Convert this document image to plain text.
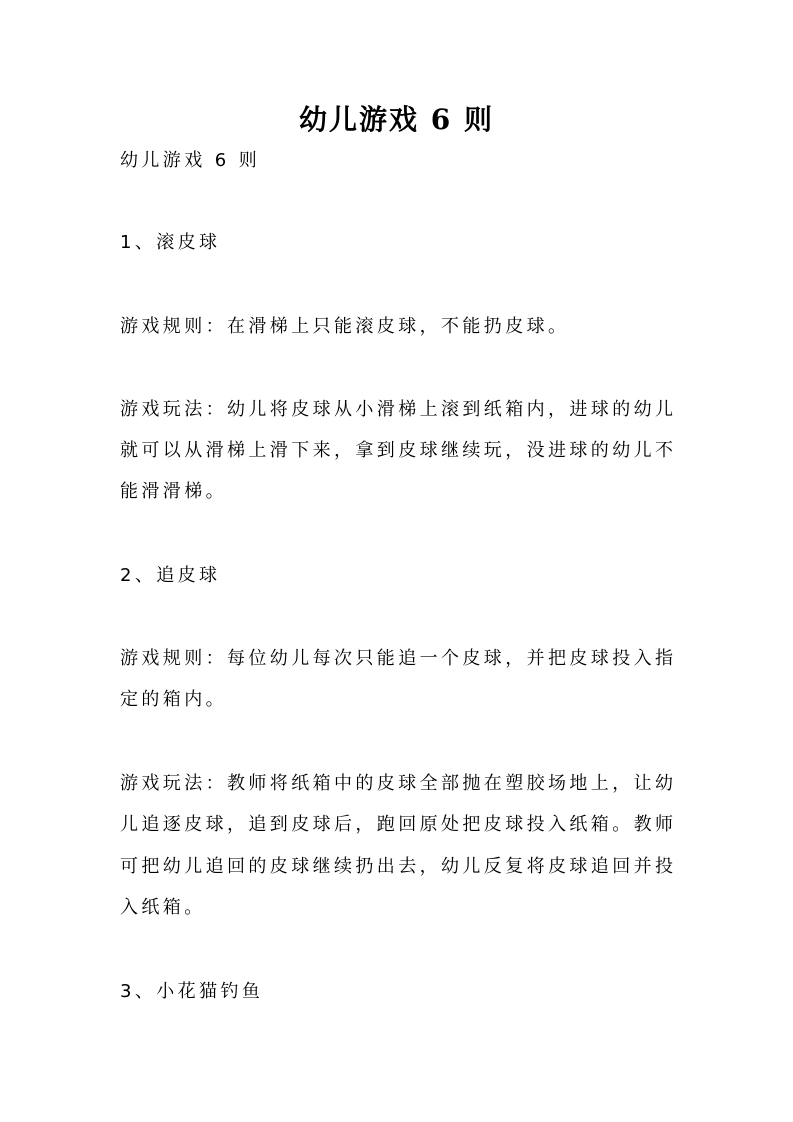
幼儿游戏 6 则
幼儿游戏 6 则
1、滚皮球
游戏规则：在滑梯上只能滚皮球，不能扔皮球。
游戏玩法：幼儿将皮球从小滑梯上滚到纸箱内，进球的幼儿
就可以从滑梯上滑下来，拿到皮球继续玩，没进球的幼儿不
能滑滑梯。
2、追皮球
游戏规则：每位幼儿每次只能追一个皮球，并把皮球投入指
定的箱内。
游戏玩法：教师将纸箱中的皮球全部抛在塑胶场地上，让幼
儿追逐皮球，追到皮球后，跑回原处把皮球投入纸箱。教师
可把幼儿追回的皮球继续扔出去，幼儿反复将皮球追回并投
入纸箱。
3、小花猫钓鱼
